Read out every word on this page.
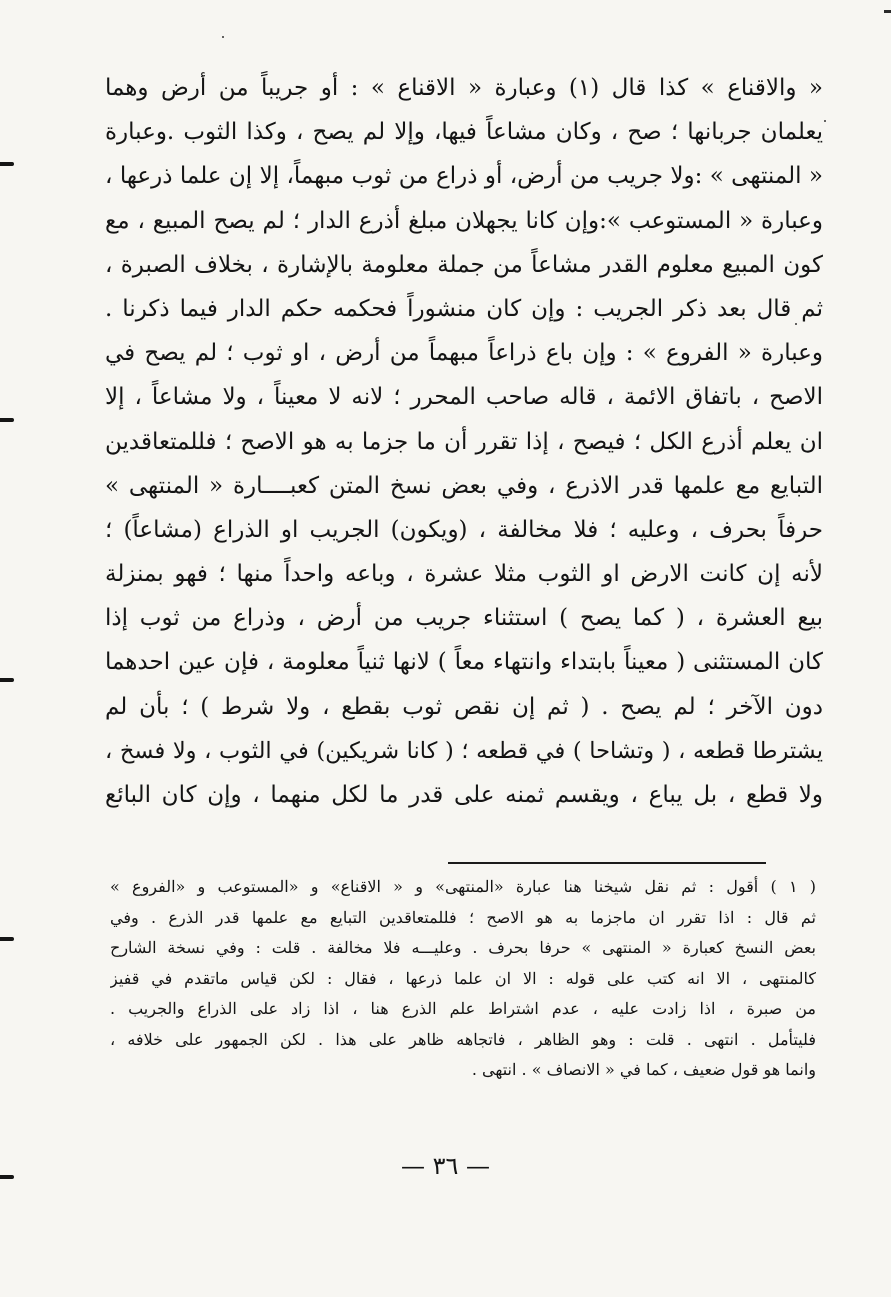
« والاقناع » كذا قال (١) وعبارة « الاقناع » : أو جريباً من أرض وهما
يعلمان جربانها ؛ صح ، وكان مشاعاً فيها، وإلا لم يصح ، وكذا الثوب .وعبارة
« المنتهى » :ولا جريب من أرض، أو ذراع من ثوب مبهماً، إلا إن علما ذرعها ،
وعبارة « المستوعب »:وإن كانا يجهلان مبلغ أذرع الدار ؛ لم يصح المبيع ، مع
كون المبيع معلوم القدر مشاعاً من جملة معلومة بالإشارة ، بخلاف الصبرة ،
ثم قال بعد ذكر الجريب : وإن كان منشوراً فحكمه حكم الدار فيما ذكرنا .
وعبارة « الفروع » : وإن باع ذراعاً مبهماً من أرض ، او ثوب ؛ لم يصح في
الاصح ، باتفاق الائمة ، قاله صاحب المحرر ؛ لانه لا معيناً ، ولا مشاعاً ، إلا
ان يعلم أذرع الكل ؛ فيصح ، إذا تقرر أن ما جزما به هو الاصح ؛ فللمتعاقدين
التبايع مع علمها قدر الاذرع ، وفي بعض نسخ المتن كعبــــارة « المنتهى »
حرفاً بحرف ، وعليه ؛ فلا مخالفة ، (ويكون) الجريب او الذراع (مشاعاً) ؛
لأنه إن كانت الارض او الثوب مثلا عشرة ، وباعه واحداً منها ؛ فهو بمنزلة
بيع العشرة ، ( كما يصح ) استثناء جريب من أرض ، وذراع من ثوب إذا
كان المستثنى ( معيناً بابتداء وانتهاء معاً ) لانها ثنياً معلومة ، فإن عين احدهما
دون الآخر ؛ لم يصح . ( ثم إن نقص ثوب بقطع ، ولا شرط ) ؛ بأن لم
يشترطا قطعه ، ( وتشاحا ) في قطعه ؛ ( كانا شريكين) في الثوب ، ولا فسخ ،
ولا قطع ، بل يباع ، ويقسم ثمنه على قدر ما لكل منهما ، وإن كان البائع
( ١ ) أقول : ثم نقل شيخنا هنا عبارة «المنتهى» و « الاقناع» و «المستوعب و «الفروع »
ثم قال : اذا تقرر ان ماجزما به هو الاصح ؛ فللمتعاقدين التبايع مع علمها قدر الذرع . وفي
بعض النسخ كعبارة « المنتهى » حرفا بحرف . وعليـــه فلا مخالفة . قلت : وفي نسخة الشارح
كالمنتهى ، الا انه كتب على قوله : الا ان علما ذرعها ، فقال : لكن قياس ماتقدم في قفيز
من صبرة ، اذا زادت عليه ، عدم اشتراط علم الذرع هنا ، اذا زاد على الذراع والجريب .
فليتأمل . انتهى . قلت : وهو الظاهر ، فاتجاهه ظاهر على هذا . لكن الجمهور على خلافه ،
وانما هو قول ضعيف ، كما في « الانصاف » . انتهى .
— ٣٦ —
